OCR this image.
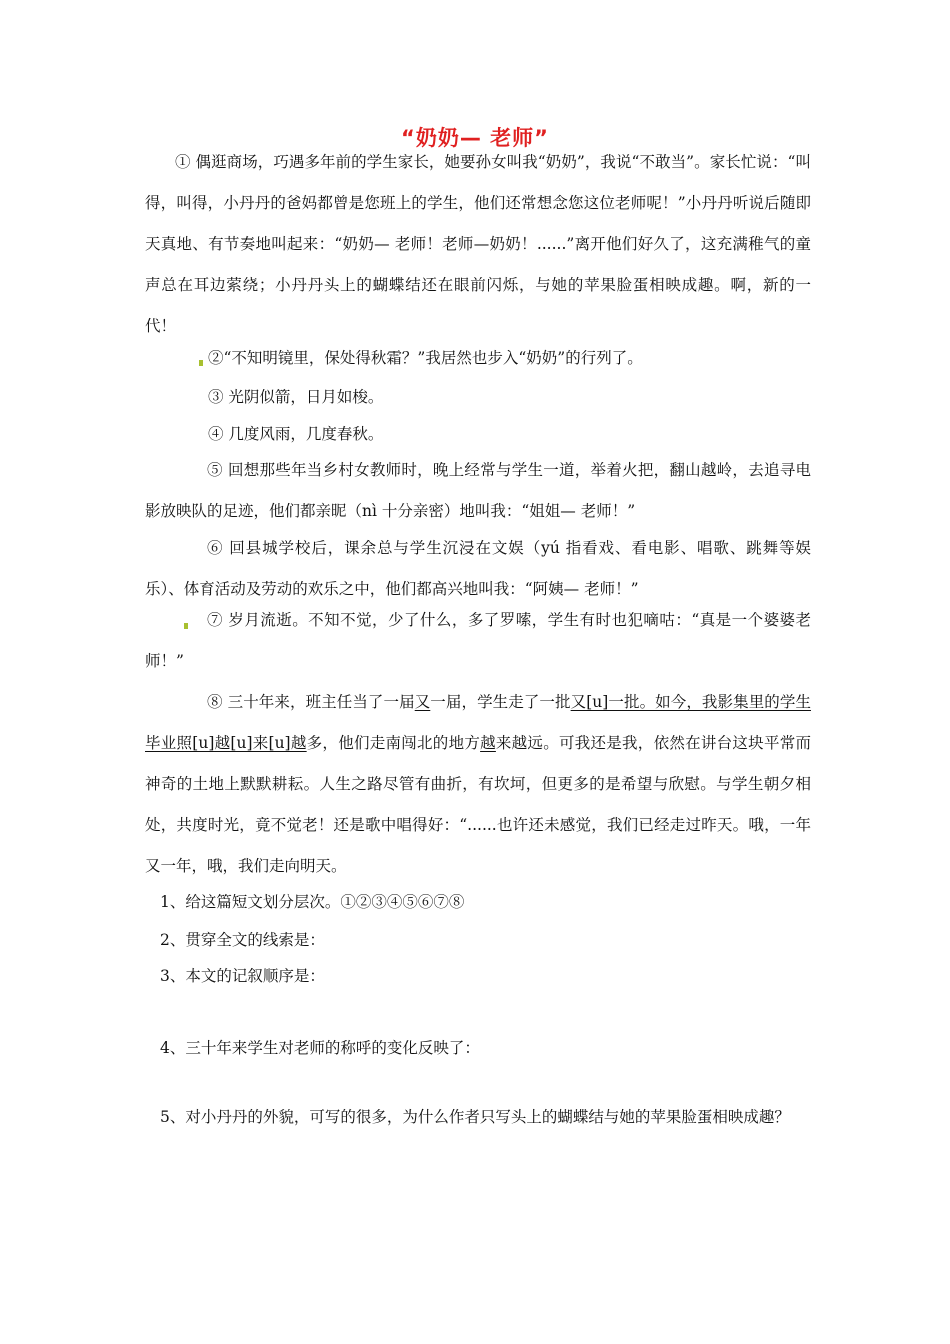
“奶奶— 老师”

① 偶逛商场，巧遇多年前的学生家长，她要孙女叫我“奶奶”，我说“不敢当”。家长忙说：“叫得，叫得，小丹丹的爸妈都曾是您班上的学生，他们还常想念您这位老师呢！”小丹丹听说后随即天真地、有节奏地叫起来：“奶奶— 老师！老师—奶奶！......”离开他们好久了，这充满稚气的童声总在耳边萦绕；小丹丹头上的蝴蝶结还在眼前闪烁，与她的苹果脸蛋相映成趣。啊，新的一代！

②“不知明镜里，保处得秋霜？”我居然也步入“奶奶”的行列了。

③ 光阴似箭，日月如梭。

④ 几度风雨，几度春秋。

⑤ 回想那些年当乡村女教师时，晚上经常与学生一道，举着火把，翻山越岭，去追寻电影放映队的足迹，他们都亲昵（nì 十分亲密）地叫我：“姐姐— 老师！”

⑥ 回县城学校后，课余总与学生沉浸在文娱（yú 指看戏、看电影、唱歌、跳舞等娱乐）、体育活动及劳动的欢乐之中，他们都高兴地叫我：“阿姨— 老师！”

⑦ 岁月流逝。不知不觉，少了什么，多了罗嗦，学生有时也犯嘀咕：“真是一个婆婆老师！”

⑧ 三十年来，班主任当了一届又一届，学生走了一批又[u]一批。如今，我影集里的学生毕业照[u]越[u]来[u]越多，他们走南闯北的地方越来越远。可我还是我，依然在讲台这块平常而神奇的土地上默默耕耘。人生之路尽管有曲折，有坎坷，但更多的是希望与欣慰。与学生朝夕相处，共度时光，竟不觉老！还是歌中唱得好：“......也许还未感觉，我们已经走过昨天。哦，一年又一年，哦，我们走向明天。

1、给这篇短文划分层次。①②③④⑤⑥⑦⑧

2、贯穿全文的线索是：

3、本文的记叙顺序是：

4、三十年来学生对老师的称呼的变化反映了：

5、对小丹丹的外貌，可写的很多，为什么作者只写头上的蝴蝶结与她的苹果脸蛋相映成趣？
